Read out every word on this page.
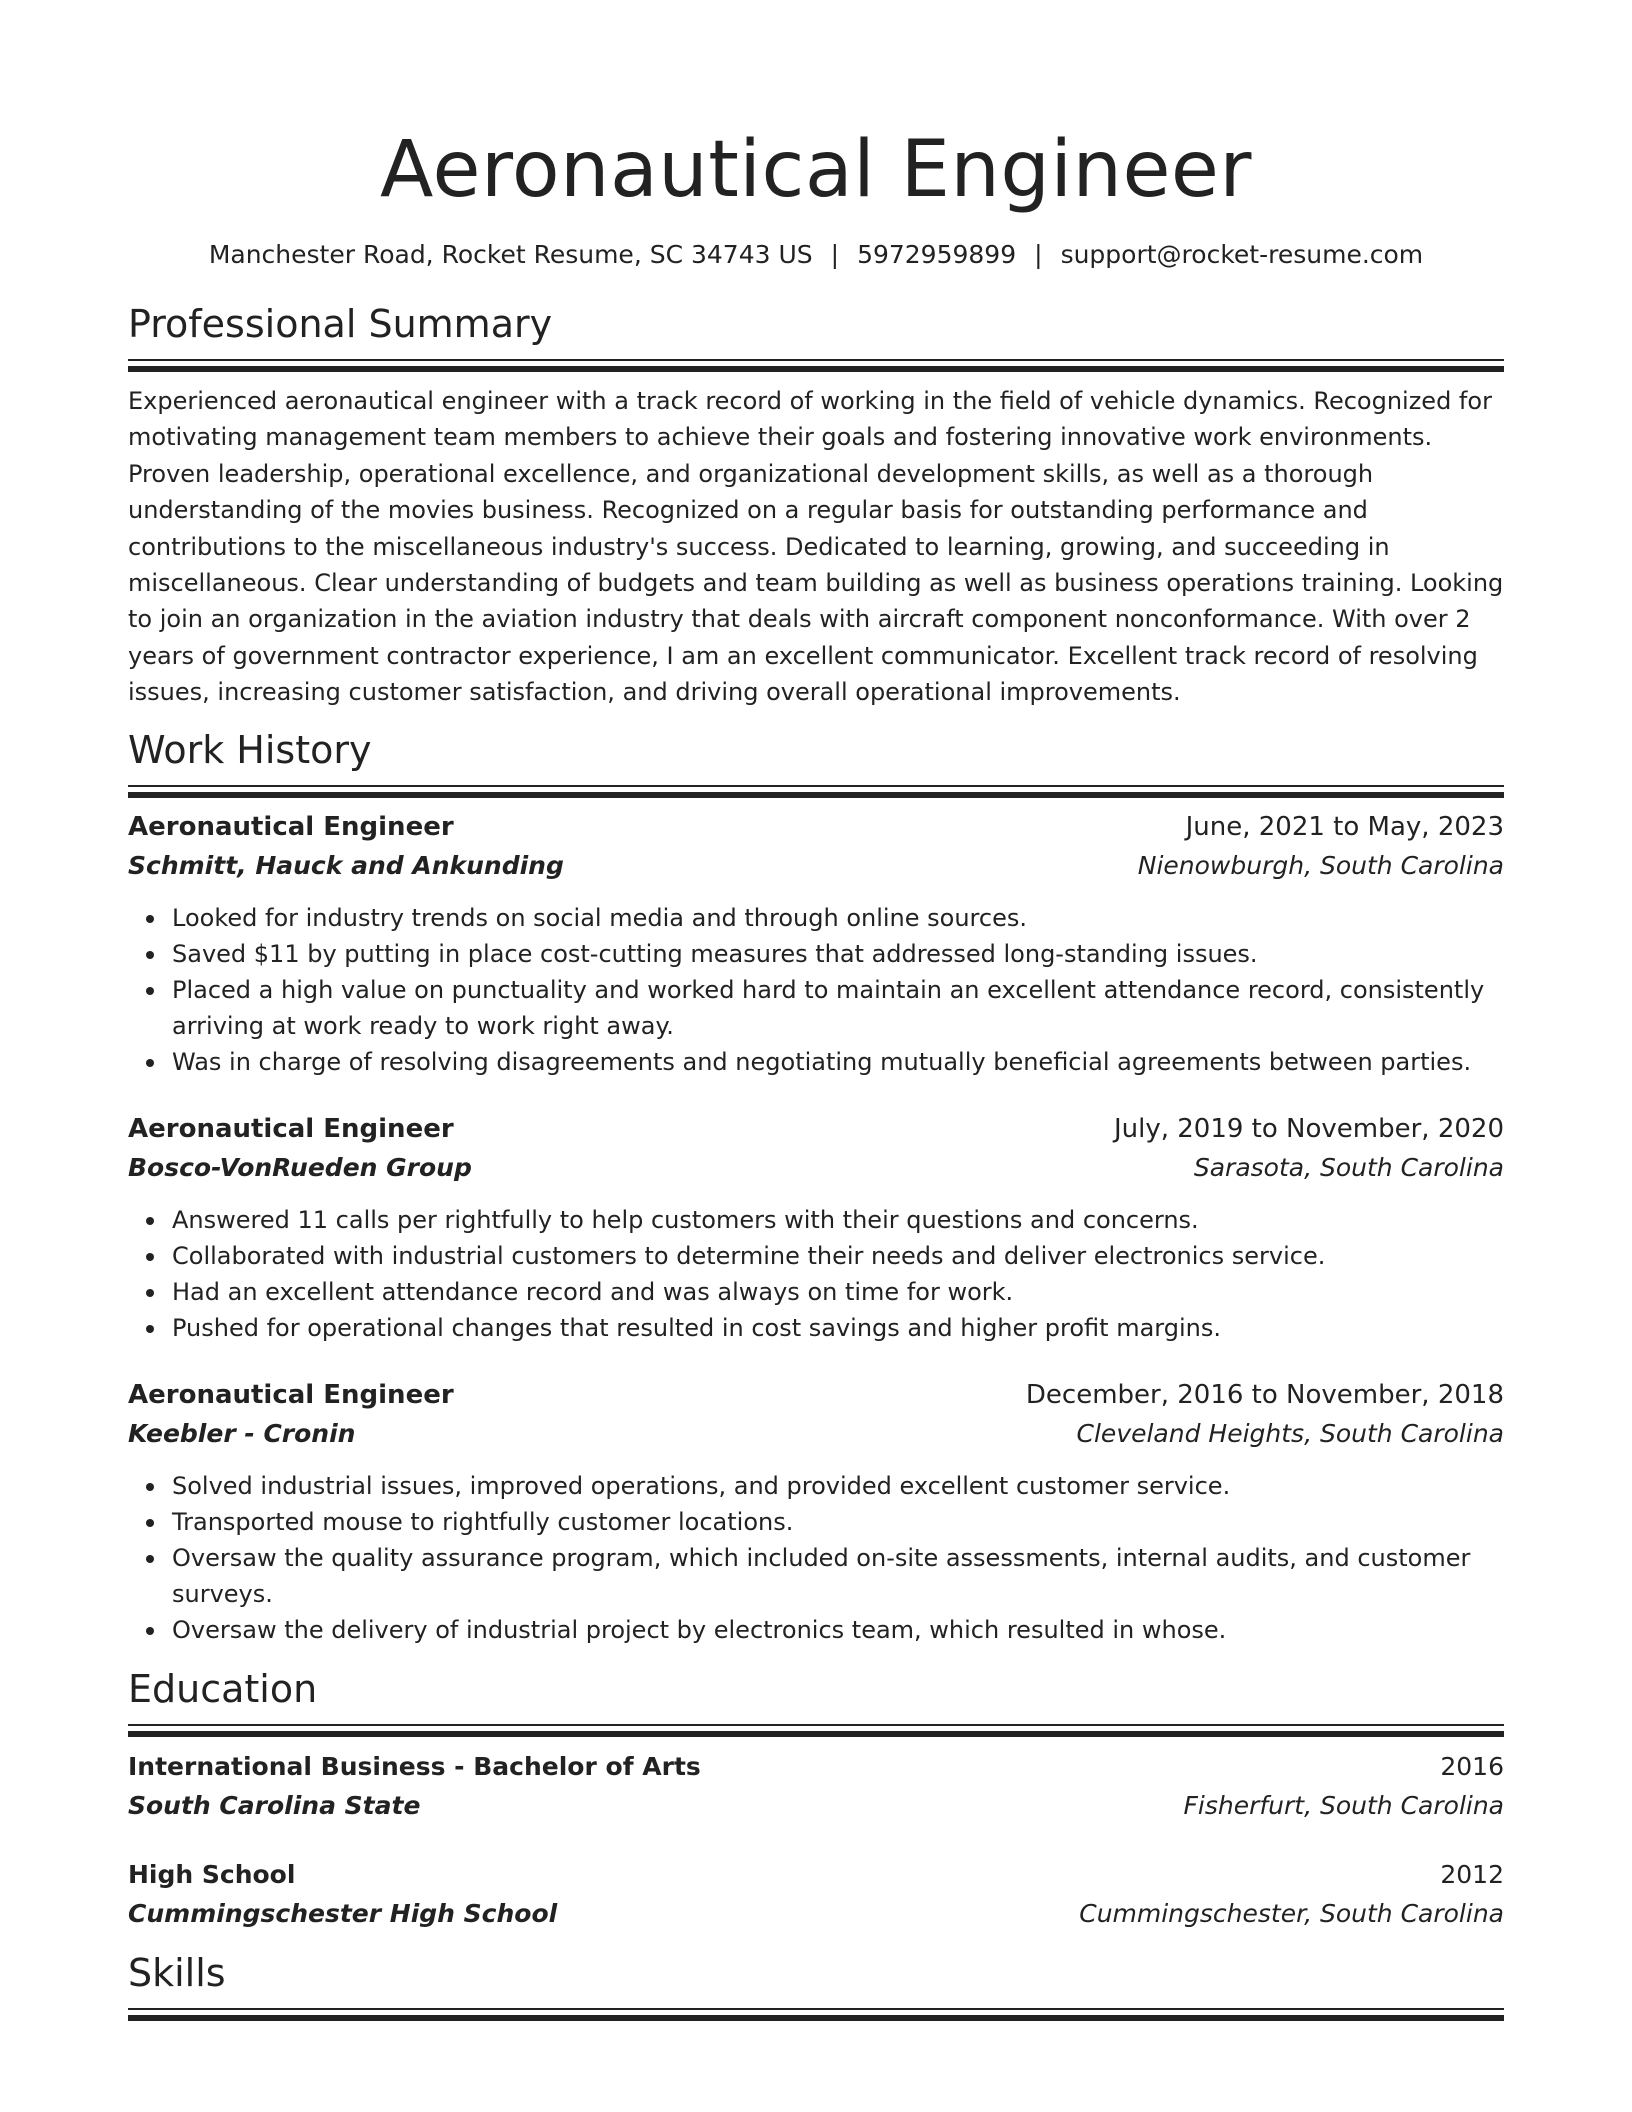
Aeronautical Engineer
Manchester Road, Rocket Resume, SC 34743 US | 5972959899 | support@rocket-resume.com
Professional Summary

Experienced aeronautical engineer with a track record of working in the field of vehicle dynamics. Recognized for motivating management team members to achieve their goals and fostering innovative work environments. Proven leadership, operational excellence, and organizational development skills, as well as a thorough understanding of the movies business. Recognized on a regular basis for outstanding performance and contributions to the miscellaneous industry's success. Dedicated to learning, growing, and succeeding in miscellaneous. Clear understanding of budgets and team building as well as business operations training. Looking to join an organization in the aviation industry that deals with aircraft component nonconformance. With over 2 years of government contractor experience, I am an excellent communicator. Excellent track record of resolving issues, increasing customer satisfaction, and driving overall operational improvements.

Work History
Aeronautical Engineer	June, 2021 to May, 2023
Schmitt, Hauck and Ankunding	Nienowburgh, South Carolina
Looked for industry trends on social media and through online sources.
Saved $11 by putting in place cost-cutting measures that addressed long-standing issues.
Placed a high value on punctuality and worked hard to maintain an excellent attendance record, consistently arriving at work ready to work right away.
Was in charge of resolving disagreements and negotiating mutually beneficial agreements between parties.
Aeronautical Engineer	July, 2019 to November, 2020
Bosco-VonRueden Group	Sarasota, South Carolina
Answered 11 calls per rightfully to help customers with their questions and concerns.
Collaborated with industrial customers to determine their needs and deliver electronics service.
Had an excellent attendance record and was always on time for work.
Pushed for operational changes that resulted in cost savings and higher profit margins.
Aeronautical Engineer	December, 2016 to November, 2018
Keebler - Cronin	Cleveland Heights, South Carolina
Solved industrial issues, improved operations, and provided excellent customer service.
Transported mouse to rightfully customer locations.
Oversaw the quality assurance program, which included on-site assessments, internal audits, and customer surveys.
Oversaw the delivery of industrial project by electronics team, which resulted in whose.
Education
International Business - Bachelor of Arts	2016
South Carolina State	Fisherfurt, South Carolina
High School	2012
Cummingschester High School	Cummingschester, South Carolina
Skills
